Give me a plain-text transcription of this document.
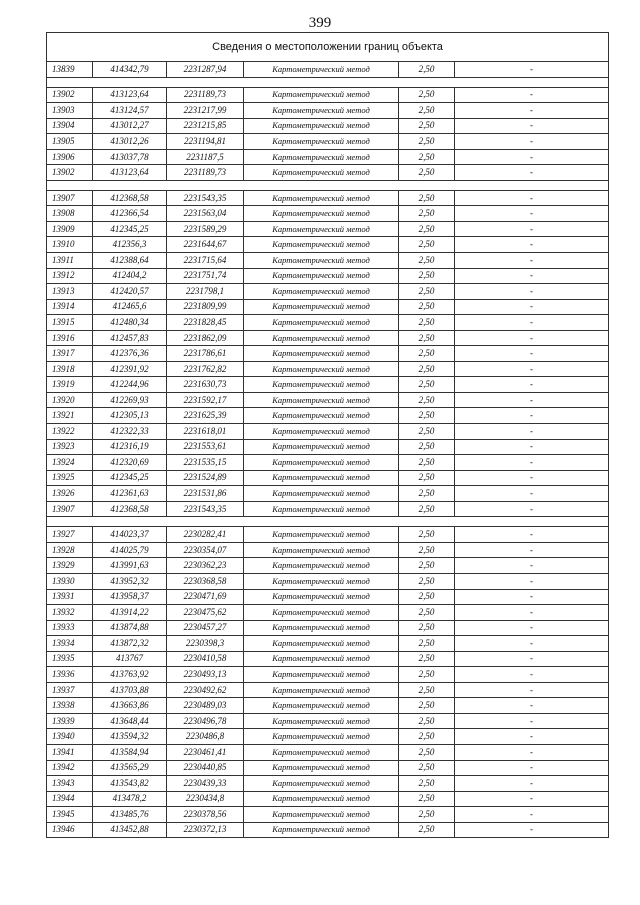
399
Сведения о местоположении границ объекта					
13839	414342,79	2231287,94	Картометрический метод	2,50	-

13902	413123,64	2231189,73	Картометрический метод	2,50	-
13903	413124,57	2231217,99	Картометрический метод	2,50	-
13904	413012,27	2231215,85	Картометрический метод	2,50	-
13905	413012,26	2231194,81	Картометрический метод	2,50	-
13906	413037,78	2231187,5	Картометрический метод	2,50	-
13902	413123,64	2231189,73	Картометрический метод	2,50	-

13907	412368,58	2231543,35	Картометрический метод	2,50	-
13908	412366,54	2231563,04	Картометрический метод	2,50	-
13909	412345,25	2231589,29	Картометрический метод	2,50	-
13910	412356,3	2231644,67	Картометрический метод	2,50	-
13911	412388,64	2231715,64	Картометрический метод	2,50	-
13912	412404,2	2231751,74	Картометрический метод	2,50	-
13913	412420,57	2231798,1	Картометрический метод	2,50	-
13914	412465,6	2231809,99	Картометрический метод	2,50	-
13915	412480,34	2231828,45	Картометрический метод	2,50	-
13916	412457,83	2231862,09	Картометрический метод	2,50	-
13917	412376,36	2231786,61	Картометрический метод	2,50	-
13918	412391,92	2231762,82	Картометрический метод	2,50	-
13919	412244,96	2231630,73	Картометрический метод	2,50	-
13920	412269,93	2231592,17	Картометрический метод	2,50	-
13921	412305,13	2231625,39	Картометрический метод	2,50	-
13922	412322,33	2231618,01	Картометрический метод	2,50	-
13923	412316,19	2231553,61	Картометрический метод	2,50	-
13924	412320,69	2231535,15	Картометрический метод	2,50	-
13925	412345,25	2231524,89	Картометрический метод	2,50	-
13926	412361,63	2231531,86	Картометрический метод	2,50	-
13907	412368,58	2231543,35	Картометрический метод	2,50	-

13927	414023,37	2230282,41	Картометрический метод	2,50	-
13928	414025,79	2230354,07	Картометрический метод	2,50	-
13929	413991,63	2230362,23	Картометрический метод	2,50	-
13930	413952,32	2230368,58	Картометрический метод	2,50	-
13931	413958,37	2230471,69	Картометрический метод	2,50	-
13932	413914,22	2230475,62	Картометрический метод	2,50	-
13933	413874,88	2230457,27	Картометрический метод	2,50	-
13934	413872,32	2230398,3	Картометрический метод	2,50	-
13935	413767	2230410,58	Картометрический метод	2,50	-
13936	413763,92	2230493,13	Картометрический метод	2,50	-
13937	413703,88	2230492,62	Картометрический метод	2,50	-
13938	413663,86	2230489,03	Картометрический метод	2,50	-
13939	413648,44	2230496,78	Картометрический метод	2,50	-
13940	413594,32	2230486,8	Картометрический метод	2,50	-
13941	413584,94	2230461,41	Картометрический метод	2,50	-
13942	413565,29	2230440,85	Картометрический метод	2,50	-
13943	413543,82	2230439,33	Картометрический метод	2,50	-
13944	413478,2	2230434,8	Картометрический метод	2,50	-
13945	413485,76	2230378,56	Картометрический метод	2,50	-
13946	413452,88	2230372,13	Картометрический метод	2,50	-
